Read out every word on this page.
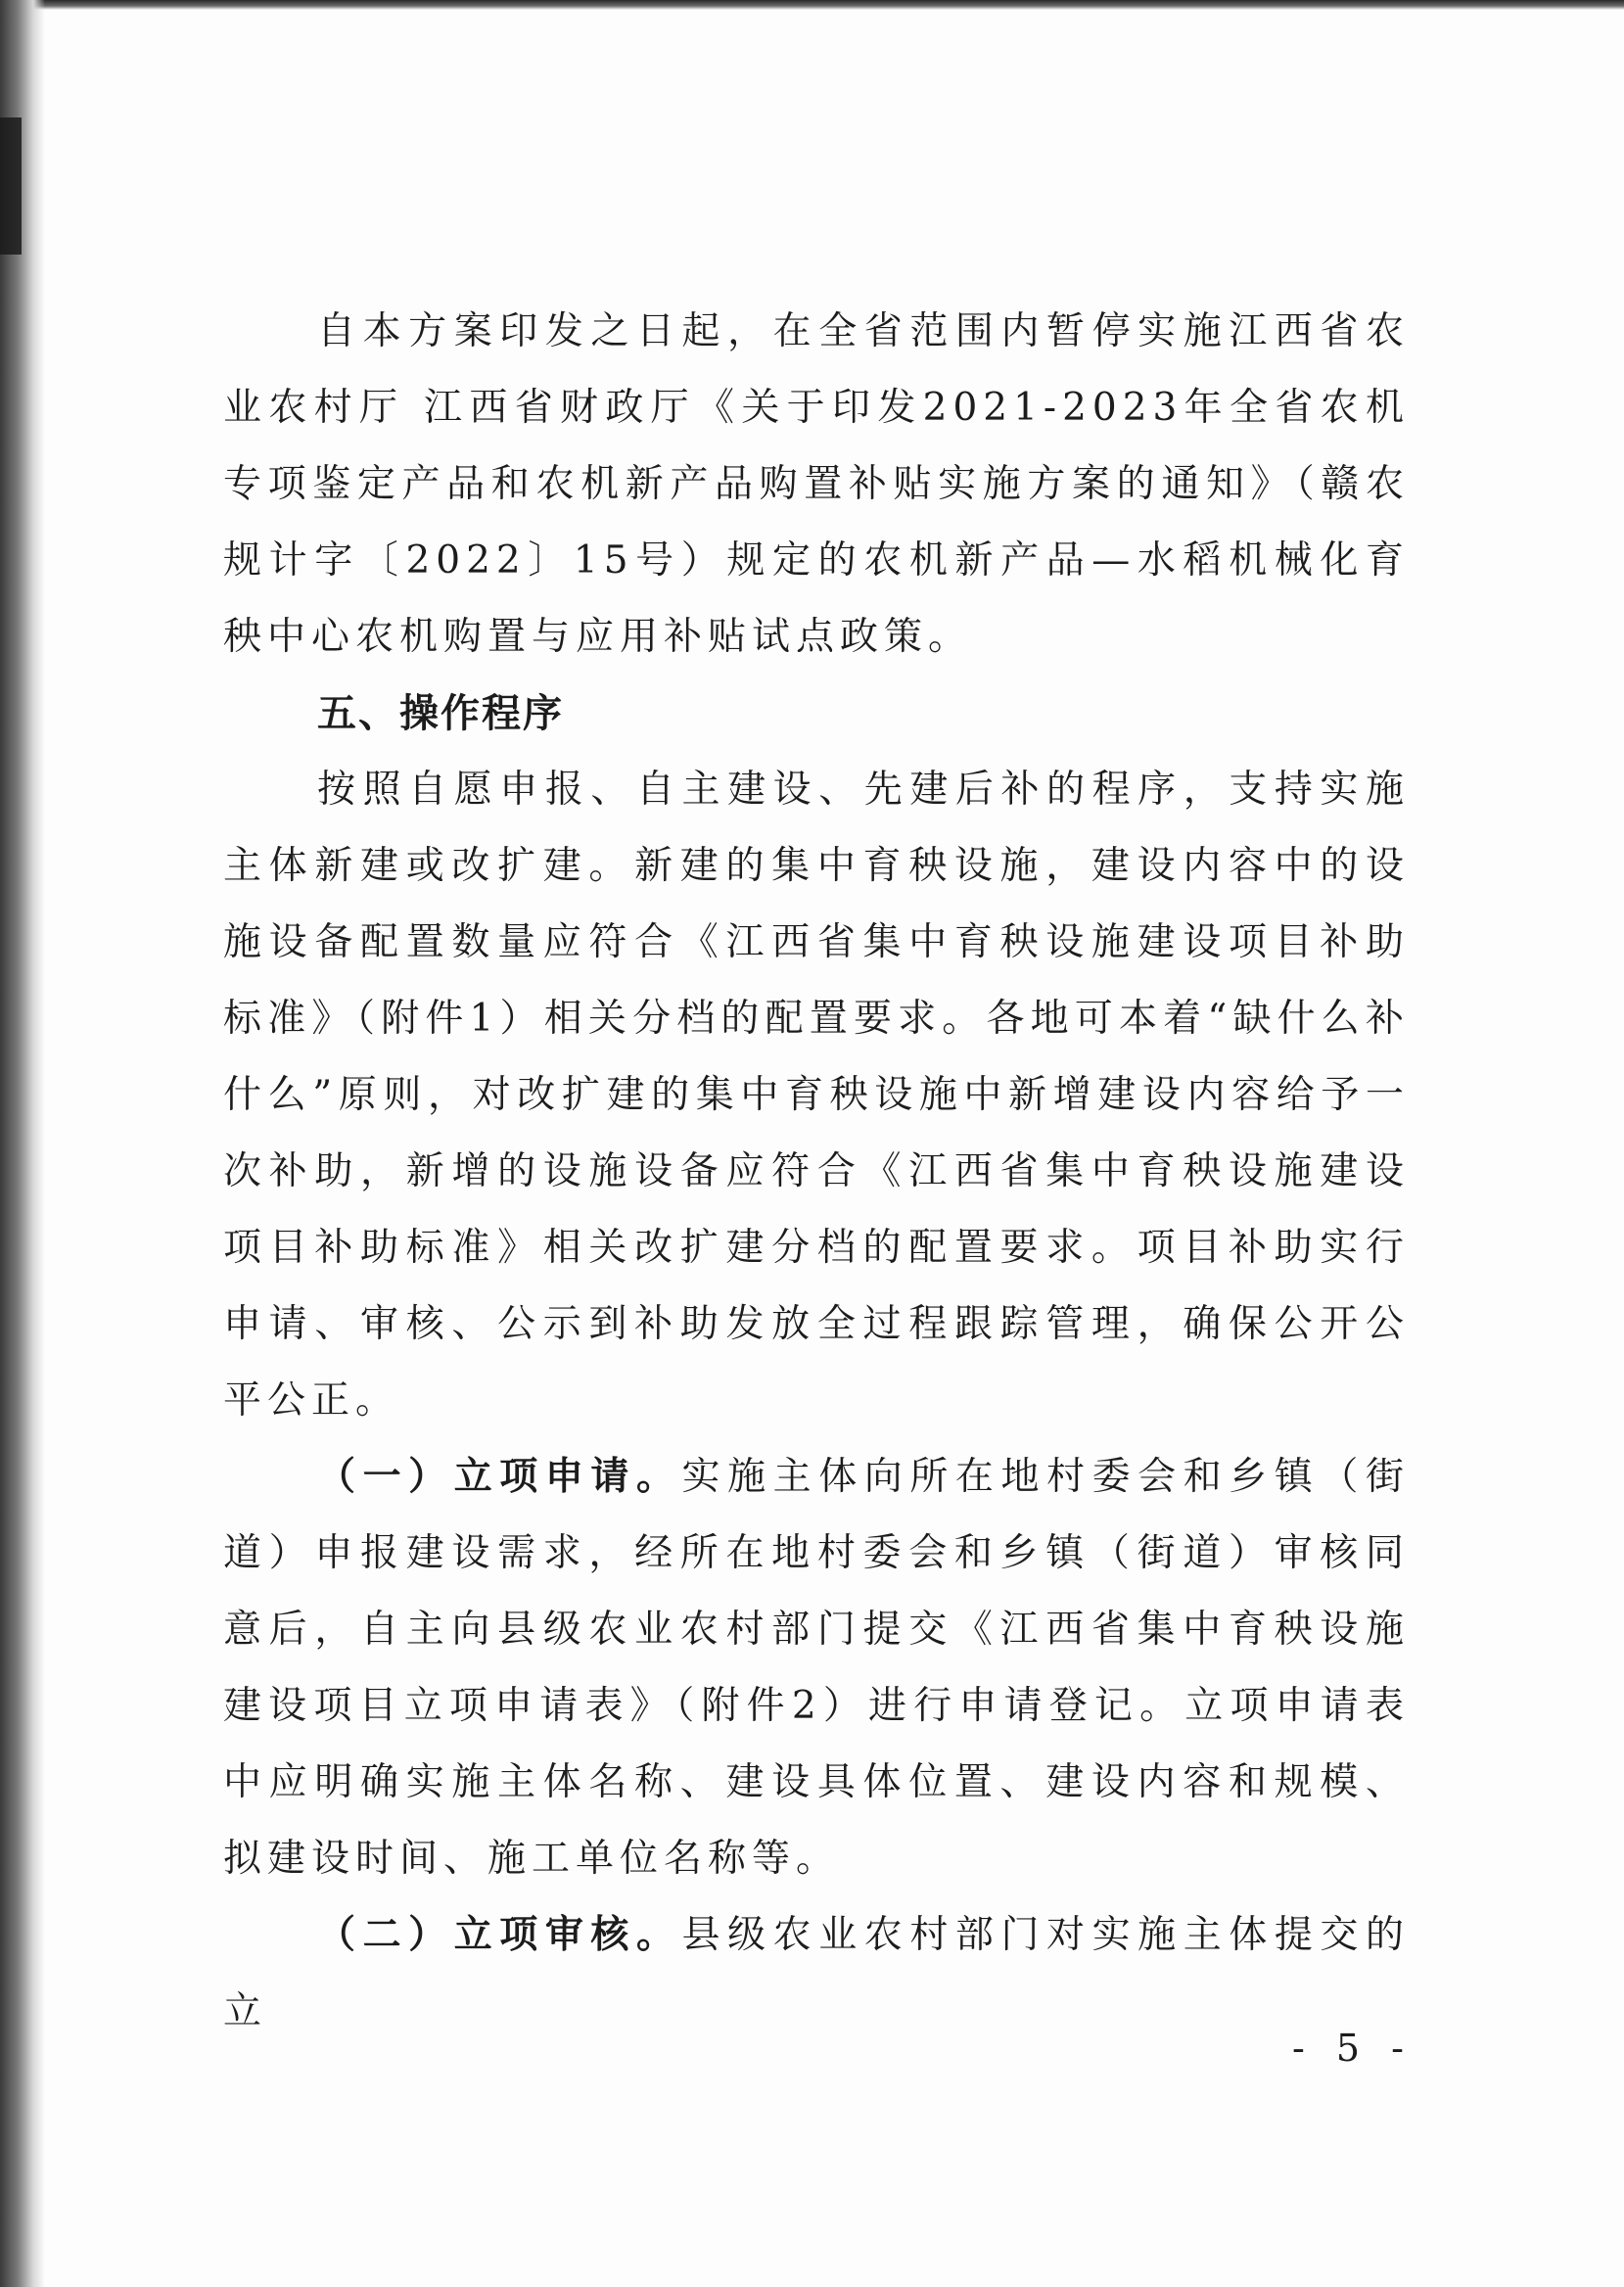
自本方案印发之日起，在全省范围内暂停实施江西省农业农村厅 江西省财政厅《关于印发2021-2023年全省农机专项鉴定产品和农机新产品购置补贴实施方案的通知》（赣农规计字〔2022〕15号）规定的农机新产品—水稻机械化育秧中心农机购置与应用补贴试点政策。

五、操作程序

按照自愿申报、自主建设、先建后补的程序，支持实施主体新建或改扩建。新建的集中育秧设施，建设内容中的设施设备配置数量应符合《江西省集中育秧设施建设项目补助标准》（附件1）相关分档的配置要求。各地可本着“缺什么补什么”原则，对改扩建的集中育秧设施中新增建设内容给予一次补助，新增的设施设备应符合《江西省集中育秧设施建设项目补助标准》相关改扩建分档的配置要求。项目补助实行申请、审核、公示到补助发放全过程跟踪管理，确保公开公平公正。

（一）立项申请。实施主体向所在地村委会和乡镇（街道）申报建设需求，经所在地村委会和乡镇（街道）审核同意后，自主向县级农业农村部门提交《江西省集中育秧设施建设项目立项申请表》（附件2）进行申请登记。立项申请表中应明确实施主体名称、建设具体位置、建设内容和规模、拟建设时间、施工单位名称等。

（二）立项审核。县级农业农村部门对实施主体提交的立

- 5 -
